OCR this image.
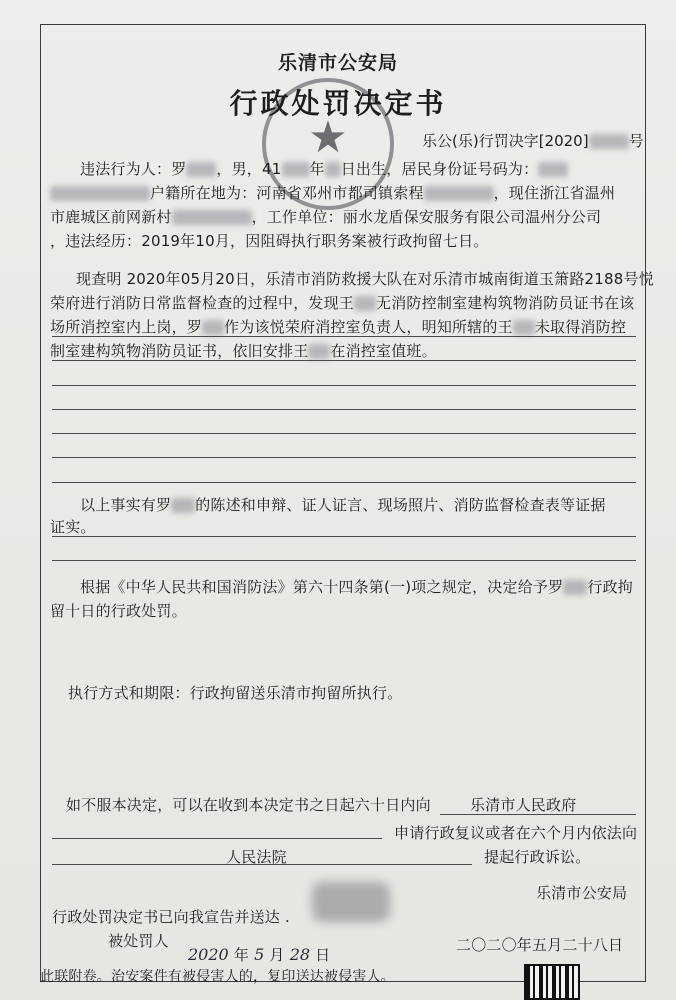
★
乐清市公安局
行政处罚决定书
乐公(乐)行罚决字[2020]	号
违法行为人：罗 ，男，41 年 日出生，居民身份证号码为：
户籍所在地为：河南省邓州市都司镇索程	，现住浙江省温州
市鹿城区前网新村	，工作单位：丽水龙盾保安服务有限公司温州分公司
，违法经历：2019年10月，因阻碍执行职务案被行政拘留七日。
现查明 2020年05月20日，乐清市消防救援大队在对乐清市城南街道玉箫路2188号悦
荣府进行消防日常监督检查的过程中，发现王 无消防控制室建构筑物消防员证书在该
场所消控室内上岗，罗 作为该悦荣府消控室负责人，明知所辖的王 未取得消防控
制室建构筑物消防员证书，依旧安排王 在消控室值班。
以上事实有罗 的陈述和申辩、证人证言、现场照片、消防监督检查表等证据
证实。
根据《中华人民共和国消防法》第六十四条第(一)项之规定，决定给予罗 行政拘
留十日的行政处罚。
执行方式和期限：行政拘留送乐清市拘留所执行。
如不服本决定，可以在收到本决定书之日起六十日内向	乐清市人民政府
申请行政复议或者在六个月内依法向
人民法院	提起行政诉讼。
乐清市公安局
行政处罚决定书已向我宣告并送达 .
被处罚人
2020 年 5 月 28 日
二〇二〇年五月二十八日
此联附卷。治安案件有被侵害人的，复印送达被侵害人。
